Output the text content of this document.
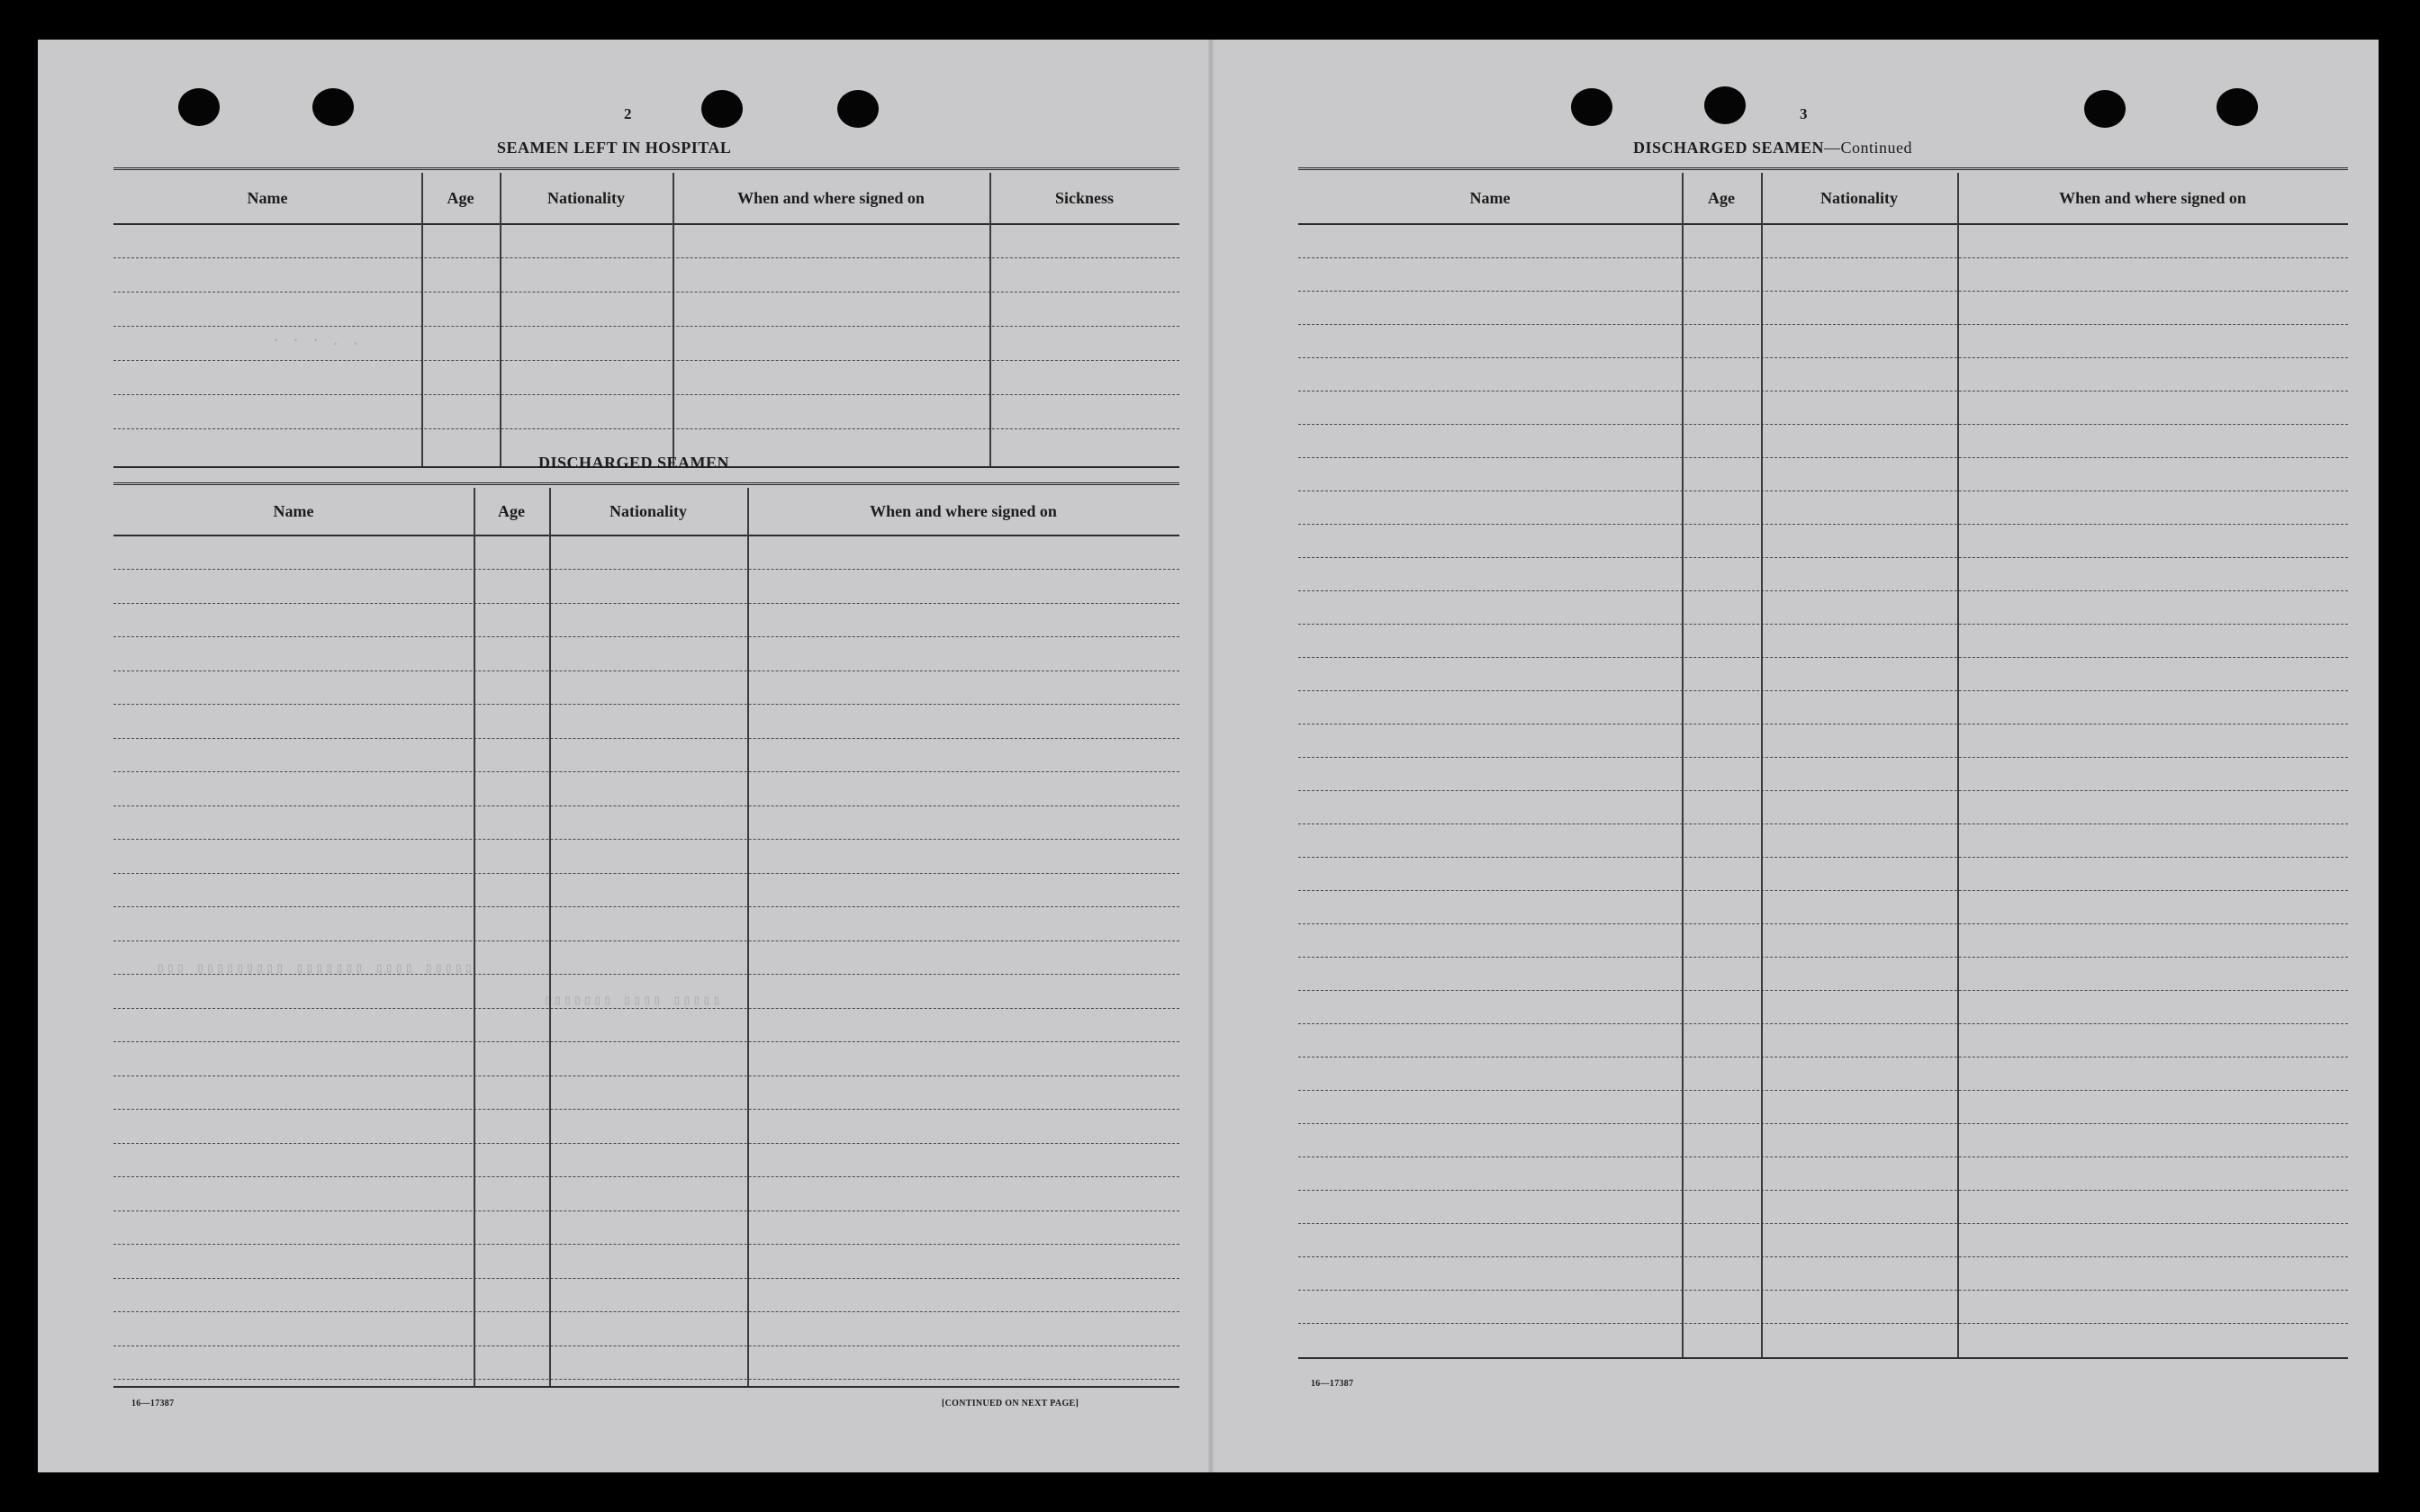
2
SEAMEN LEFT IN HOSPITAL
Name	Age	Nationality	When and where signed on	Sickness
DISCHARGED SEAMEN
Name	Age	Nationality	When and where signed on
16—17387	[CONTINUED ON NEXT PAGE]
· · · . .
▯▯▯▯▯ ▯▯▯▯ ▯▯▯▯▯▯▯ ▯▯▯▯▯▯▯▯▯ ▯▯▯
▯▯▯▯▯ ▯▯▯▯ ▯▯▯▯▯▯▯
3
DISCHARGED SEAMEN—Continued
Name	Age	Nationality	When and where signed on
16—17387
